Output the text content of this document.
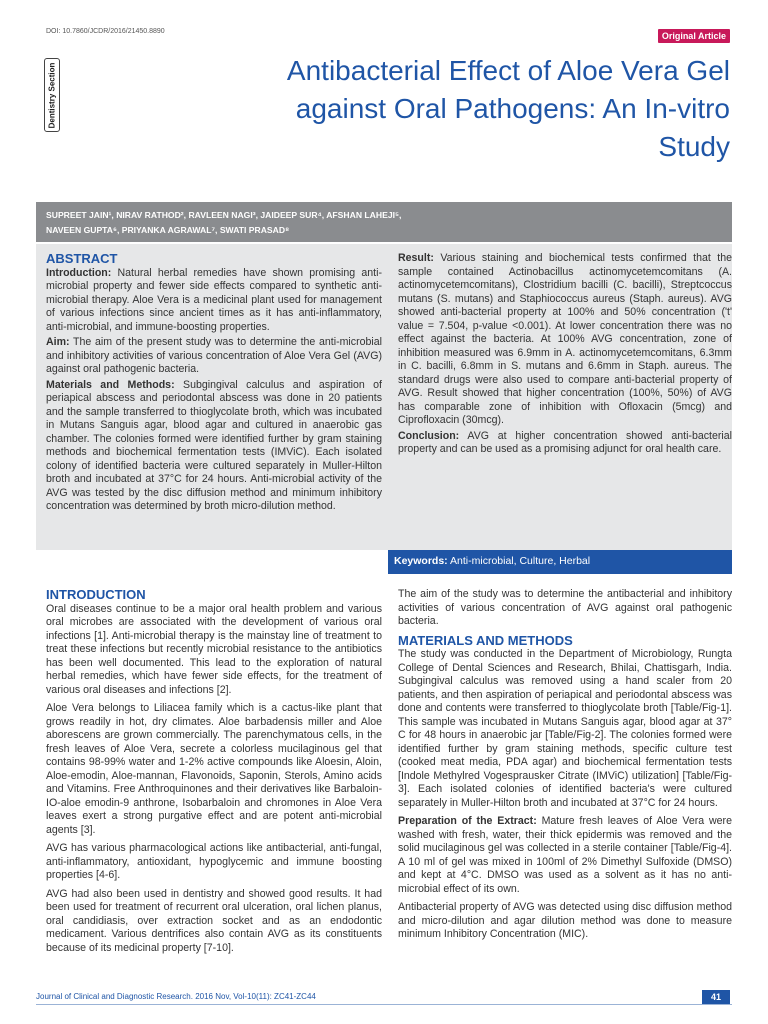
DOI: 10.7860/JCDR/2016/21450.8890	Original Article
Dentistry Section	Antibacterial Effect of Aloe Vera Gel against Oral Pathogens: An In-vitro Study
SUPREET JAIN¹, NIRAV RATHOD², RAVLEEN NAGI³, JAIDEEP SUR⁴, AFSHAN LAHEJI⁵,
NAVEEN GUPTA⁶, PRIYANKA AGRAWAL⁷, SWATI PRASAD⁸
ABSTRACT

Introduction: Natural herbal remedies have shown promising anti-microbial property and fewer side effects compared to synthetic anti-microbial therapy. Aloe Vera is a medicinal plant used for management of various infections since ancient times as it has anti-inflammatory, anti-microbial, and immune-boosting properties.

Aim: The aim of the present study was to determine the anti-microbial and inhibitory activities of various concentration of Aloe Vera Gel (AVG) against oral pathogenic bacteria.

Materials and Methods: Subgingival calculus and aspiration of periapical abscess and periodontal abscess was done in 20 patients and the sample transferred to thioglycolate broth, which was incubated in Mutans Sanguis agar, blood agar and cultured in anaerobic gas chamber. The colonies formed were identified further by gram staining methods and biochemical fermentation tests (IMViC). Each isolated colony of identified bacteria were cultured separately in Muller-Hilton broth and incubated at 37°C for 24 hours. Anti-microbial activity of the AVG was tested by the disc diffusion method and minimum inhibitory concentration was determined by broth micro-dilution method.

Result: Various staining and biochemical tests confirmed that the sample contained Actinobacillus actinomycetemcomitans (A. actinomycetemcomitans), Clostridium bacilli (C. bacilli), Streptcoccus mutans (S. mutans) and Staphiococcus aureus (Staph. aureus). AVG showed anti-bacterial property at 100% and 50% concentration ('t' value = 7.504, p-value <0.001). At lower concentration there was no effect against the bacteria. At 100% AVG concentration, zone of inhibition measured was 6.9mm in A. actinomycetemcomitans, 6.3mm in C. bacilli, 6.8mm in S. mutans and 6.6mm in Staph. aureus. The standard drugs were also used to compare anti-bacterial property of AVG. Result showed that higher concentration (100%, 50%) of AVG has comparable zone of inhibition with Ofloxacin (5mcg) and Ciprofloxacin (30mcg).

Conclusion: AVG at higher concentration showed anti-bacterial property and can be used as a promising adjunct for oral health care.

Keywords: Anti-microbial, Culture, Herbal
INTRODUCTION

Oral diseases continue to be a major oral health problem and various oral microbes are associated with the development of various oral infections [1]. Anti-microbial therapy is the mainstay line of treatment to treat these infections but recently microbial resistance to the antibiotics has been well documented. This lead to the exploration of natural herbal remedies, which have fewer side effects, for the treatment of various oral diseases and infections [2].

Aloe Vera belongs to Liliacea family which is a cactus-like plant that grows readily in hot, dry climates. Aloe barbadensis miller and Aloe aborescens are grown commercially. The parenchymatous cells, in the fresh leaves of Aloe Vera, secrete a colorless mucilaginous gel that contains 98-99% water and 1-2% active compounds like Aloesin, Aloin, Aloe-emodin, Aloe-mannan, Flavonoids, Saponin, Sterols, Amino acids and Vitamins. Free Anthroquinones and their derivatives like Barbaloin-IO-aloe emodin-9 anthrone, Isobarbaloin and chromones in Aloe Vera leaves exert a strong purgative effect and are potent anti-microbial agents [3].

AVG has various pharmacological actions like antibacterial, anti-fungal, anti-inflammatory, antioxidant, hypoglycemic and immune boosting properties [4-6].

AVG had also been used in dentistry and showed good results. It had been used for treatment of recurrent oral ulceration, oral lichen planus, oral candidiasis, over extraction socket and as an endodontic medicament. Various dentrifices also contain AVG as its constituents because of its medicinal property [7-10].

The aim of the study was to determine the antibacterial and inhibitory activities of various concentration of AVG against oral pathogenic bacteria.

MATERIALS AND METHODS

The study was conducted in the Department of Microbiology, Rungta College of Dental Sciences and Research, Bhilai, Chattisgarh, India. Subgingival calculus was removed using a hand scaler from 20 patients, and then aspiration of periapical and periodontal abscess was done and contents were transferred to thioglycolate broth [Table/Fig-1]. This sample was incubated in Mutans Sanguis agar, blood agar at 37° C for 48 hours in anaerobic jar [Table/Fig-2]. The colonies formed were identified further by gram staining methods, specific culture test (cooked meat media, PDA agar) and biochemical fermentation tests [Indole Methylred Vogesprausker Citrate (IMViC) utilization] [Table/Fig-3]. Each isolated colonies of identified bacteria's were cultured separately in Muller-Hilton broth and incubated at 37°C for 24 hours.

Preparation of the Extract: Mature fresh leaves of Aloe Vera were washed with fresh, water, their thick epidermis was removed and the solid mucilaginous gel was collected in a sterile container [Table/Fig-4]. A 10 ml of gel was mixed in 100ml of 2% Dimethyl Sulfoxide (DMSO) and kept at 4°C. DMSO was used as a solvent as it has no anti-microbial effect of its own.

Antibacterial property of AVG was detected using disc diffusion method and micro-dilution and agar dilution method was done to measure minimum Inhibitory Concentration (MIC).

Journal of Clinical and Diagnostic Research. 2016 Nov, Vol-10(11): ZC41-ZC44	41
